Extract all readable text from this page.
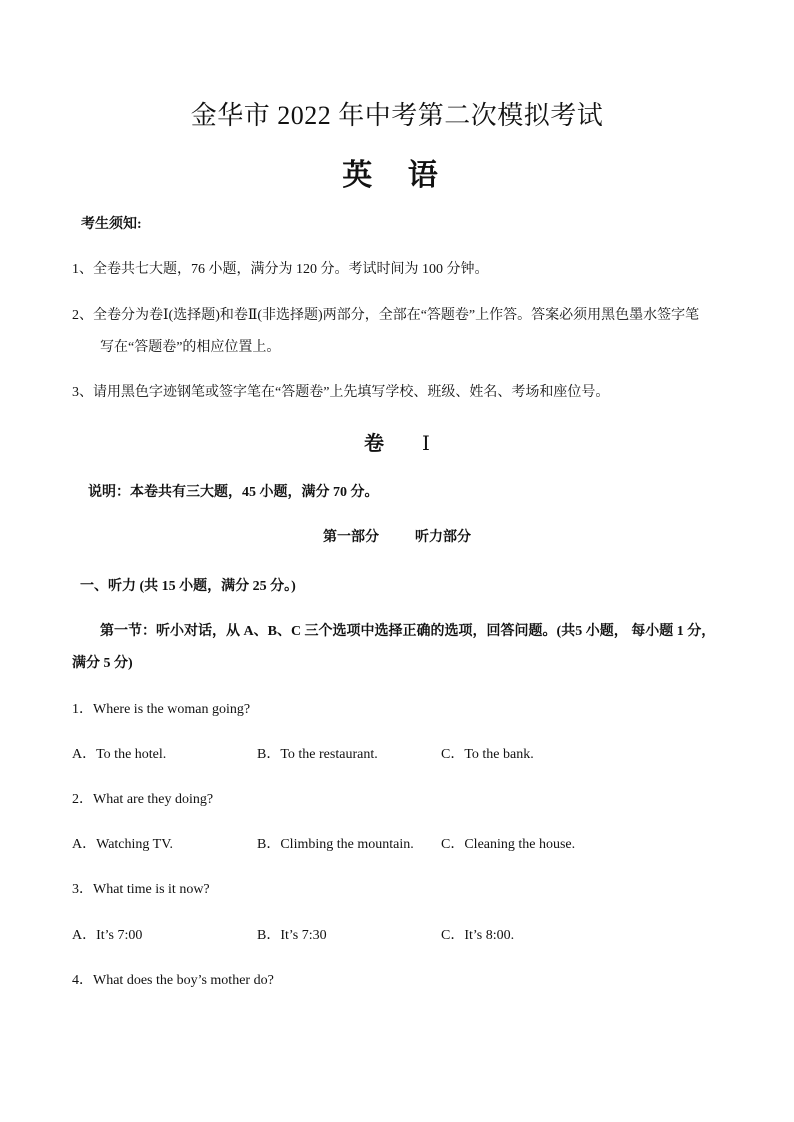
金华市 2022 年中考第二次模拟考试
英 语
考生须知:
1、全卷共七大题，76 小题，满分为 120 分。考试时间为 100 分钟。
2、全卷分为卷Ⅰ(选择题)和卷Ⅱ(非选择题)两部分，全部在“答题卷”上作答。答案必须用黑色墨水签字笔
写在“答题卷”的相应位置上。
3、请用黑色字迹钢笔或签字笔在“答题卷”上先填写学校、班级、姓名、考场和座位号。
卷 Ⅰ
说明：本卷共有三大题，45 小题，满分 70 分。
第一部分	听力部分
一、听力 (共 15 小题，满分 25 分。)
第一节：听小对话，从 A、B、C 三个选项中选择正确的选项，回答问题。(共5 小题， 每小题 1 分，
满分 5 分)
1．Where is the woman going?
A．To the hotel.	B．To the restaurant.	C．To the bank.
2．What are they doing?
A．Watching TV.	B．Climbing the mountain. C．Cleaning the house.
3．What time is it now?
A．It’s 7:00	B．It’s 7:30	C．It’s 8:00.
4．What does the boy’s mother do?
